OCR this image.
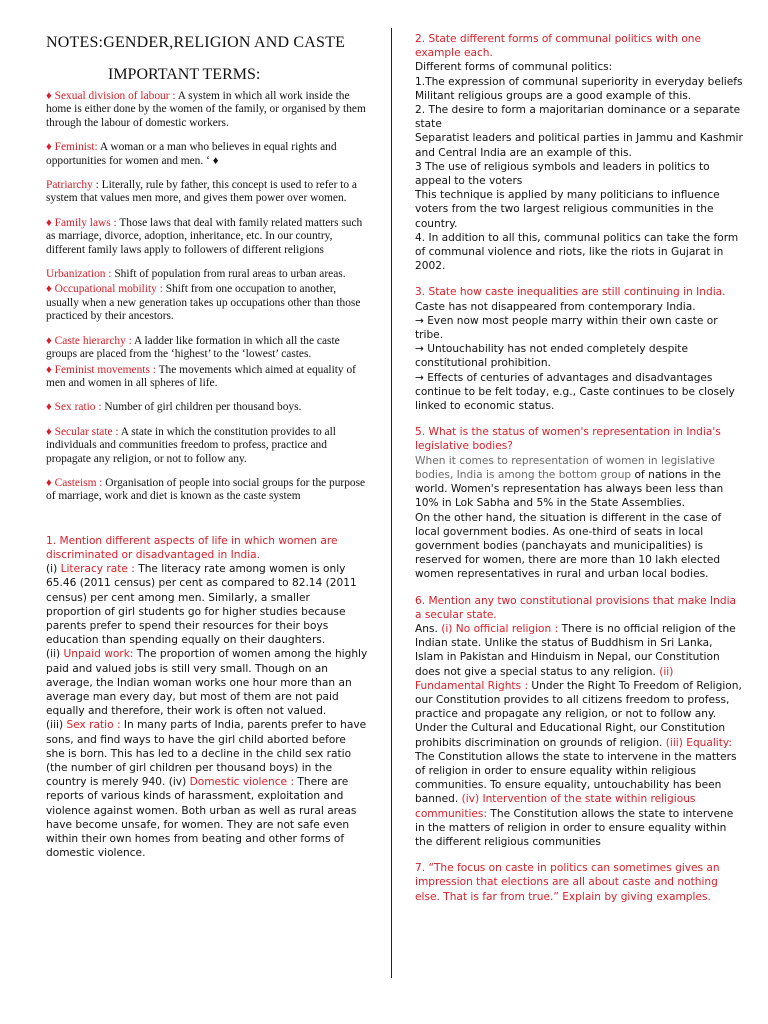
NOTES:GENDER,RELIGION AND CASTE
IMPORTANT TERMS:

♦ Sexual division of labour : A system in which all work inside the home is either done by the women of the family, or organised by them through the labour of domestic workers.

♦ Feminist: A woman or a man who believes in equal rights and opportunities for women and men. ‘ ♦

Patriarchy : Literally, rule by father, this concept is used to refer to a system that values men more, and gives them power over women.

♦ Family laws : Those laws that deal with family related matters such as marriage, divorce, adoption, inheritance, etc. In our country, different family laws apply to followers of different religions

Urbanization : Shift of population from rural areas to urban areas.

♦ Occupational mobility : Shift from one occupation to another, usually when a new generation takes up occupations other than those practiced by their ancestors.

♦ Caste hierarchy : A ladder like formation in which all the caste groups are placed from the ‘highest’ to the ‘lowest’ castes.

♦ Feminist movements : The movements which aimed at equality of men and women in all spheres of life.

♦ Sex ratio : Number of girl children per thousand boys.

♦ Secular state : A state in which the constitution provides to all individuals and communities freedom to profess, practice and propagate any religion, or not to follow any.

♦ Casteism : Organisation of people into social groups for the purpose of marriage, work and diet is known as the caste system

1. Mention different aspects of life in which women are discriminated or disadvantaged in India.

(i) Literacy rate : The literacy rate among women is only 65.46 (2011 census) per cent as compared to 82.14 (2011 census) per cent among men. Similarly, a smaller proportion of girl students go for higher studies because parents prefer to spend their resources for their boys education than spending equally on their daughters.

(ii) Unpaid work: The proportion of women among the highly paid and valued jobs is still very small. Though on an average, the Indian woman works one hour more than an average man every day, but most of them are not paid equally and therefore, their work is often not valued.

(iii) Sex ratio : In many parts of India, parents prefer to have sons, and find ways to have the girl child aborted before she is born. This has led to a decline in the child sex ratio (the number of girl children per thousand boys) in the country is merely 940. (iv) Domestic violence : There are reports of various kinds of harassment, exploitation and violence against women. Both urban as well as rural areas have become unsafe, for women. They are not safe even within their own homes from beating and other forms of domestic violence.

2. State different forms of communal politics with one example each.

Different forms of communal politics:

1.The expression of communal superiority in everyday beliefs

Militant religious groups are a good example of this.

2. The desire to form a majoritarian dominance or a separate state

Separatist leaders and political parties in Jammu and Kashmir and Central India are an example of this.

3 The use of religious symbols and leaders in politics to appeal to the voters

This technique is applied by many politicians to influence voters from the two largest religious communities in the country.

4. In addition to all this, communal politics can take the form of communal violence and riots, like the riots in Gujarat in 2002.

3. State how caste inequalities are still continuing in India.

Caste has not disappeared from contemporary India.

→ Even now most people marry within their own caste or tribe.

→ Untouchability has not ended completely despite constitutional prohibition.

→ Effects of centuries of advantages and disadvantages continue to be felt today, e.g., Caste continues to be closely linked to economic status.

5. What is the status of women's representation in India's legislative bodies?

When it comes to representation of women in legislative bodies, India is among the bottom group of nations in the world. Women's representation has always been less than 10% in Lok Sabha and 5% in the State Assemblies.

On the other hand, the situation is different in the case of local government bodies. As one-third of seats in local government bodies (panchayats and municipalities) is reserved for women, there are more than 10 lakh elected women representatives in rural and urban local bodies.

6. Mention any two constitutional provisions that make India a secular state.

Ans. (i) No official religion : There is no official religion of the Indian state. Unlike the status of Buddhism in Sri Lanka, Islam in Pakistan and Hinduism in Nepal, our Constitution does not give a special status to any religion. (ii) Fundamental Rights : Under the Right To Freedom of Religion, our Constitution provides to all citizens freedom to profess, practice and propagate any religion, or not to follow any. Under the Cultural and Educational Right, our Constitution prohibits discrimination on grounds of religion. (iii) Equality: The Constitution allows the state to intervene in the matters of religion in order to ensure equality within religious communities. To ensure equality, untouchability has been banned. (iv) Intervention of the state within religious communities: The Constitution allows the state to intervene in the matters of religion in order to ensure equality within the different religious communities

7. “The focus on caste in politics can sometimes gives an impression that elections are all about caste and nothing else. That is far from true.” Explain by giving examples.
